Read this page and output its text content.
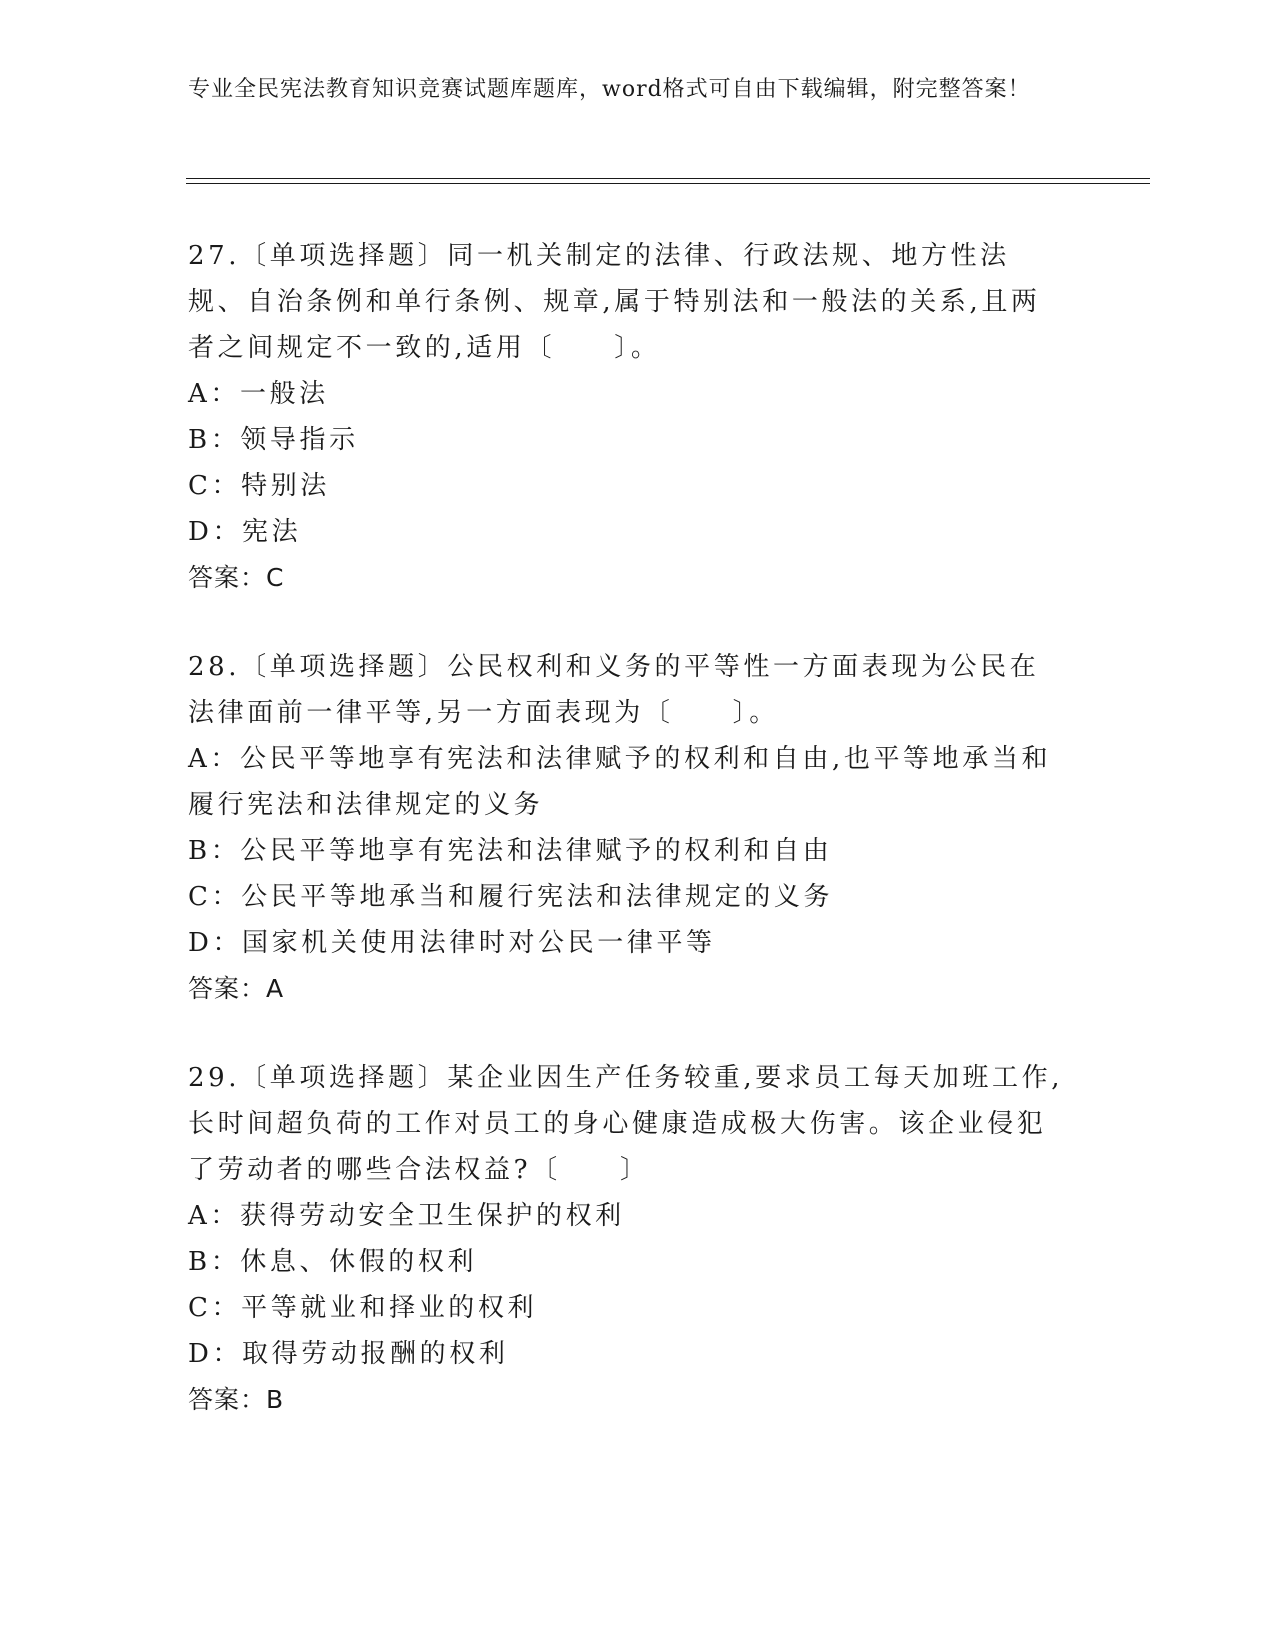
专业全民宪法教育知识竞赛试题库题库，word格式可自由下载编辑，附完整答案！

27.〔单项选择题〕同一机关制定的法律、行政法规、地方性法规、自治条例和单行条例、规章,属于特别法和一般法的关系,且两者之间规定不一致的,适用〔　　〕。

A：一般法

B：领导指示

C：特别法

D：宪法

答案：C

28.〔单项选择题〕公民权利和义务的平等性一方面表现为公民在法律面前一律平等,另一方面表现为〔　　〕。

A：公民平等地享有宪法和法律赋予的权利和自由,也平等地承当和履行宪法和法律规定的义务

B：公民平等地享有宪法和法律赋予的权利和自由

C：公民平等地承当和履行宪法和法律规定的义务

D：国家机关使用法律时对公民一律平等

答案：A

29.〔单项选择题〕某企业因生产任务较重,要求员工每天加班工作,长时间超负荷的工作对员工的身心健康造成极大伤害。该企业侵犯了劳动者的哪些合法权益?〔　　〕

A：获得劳动安全卫生保护的权利

B：休息、休假的权利

C：平等就业和择业的权利

D：取得劳动报酬的权利

答案：B
